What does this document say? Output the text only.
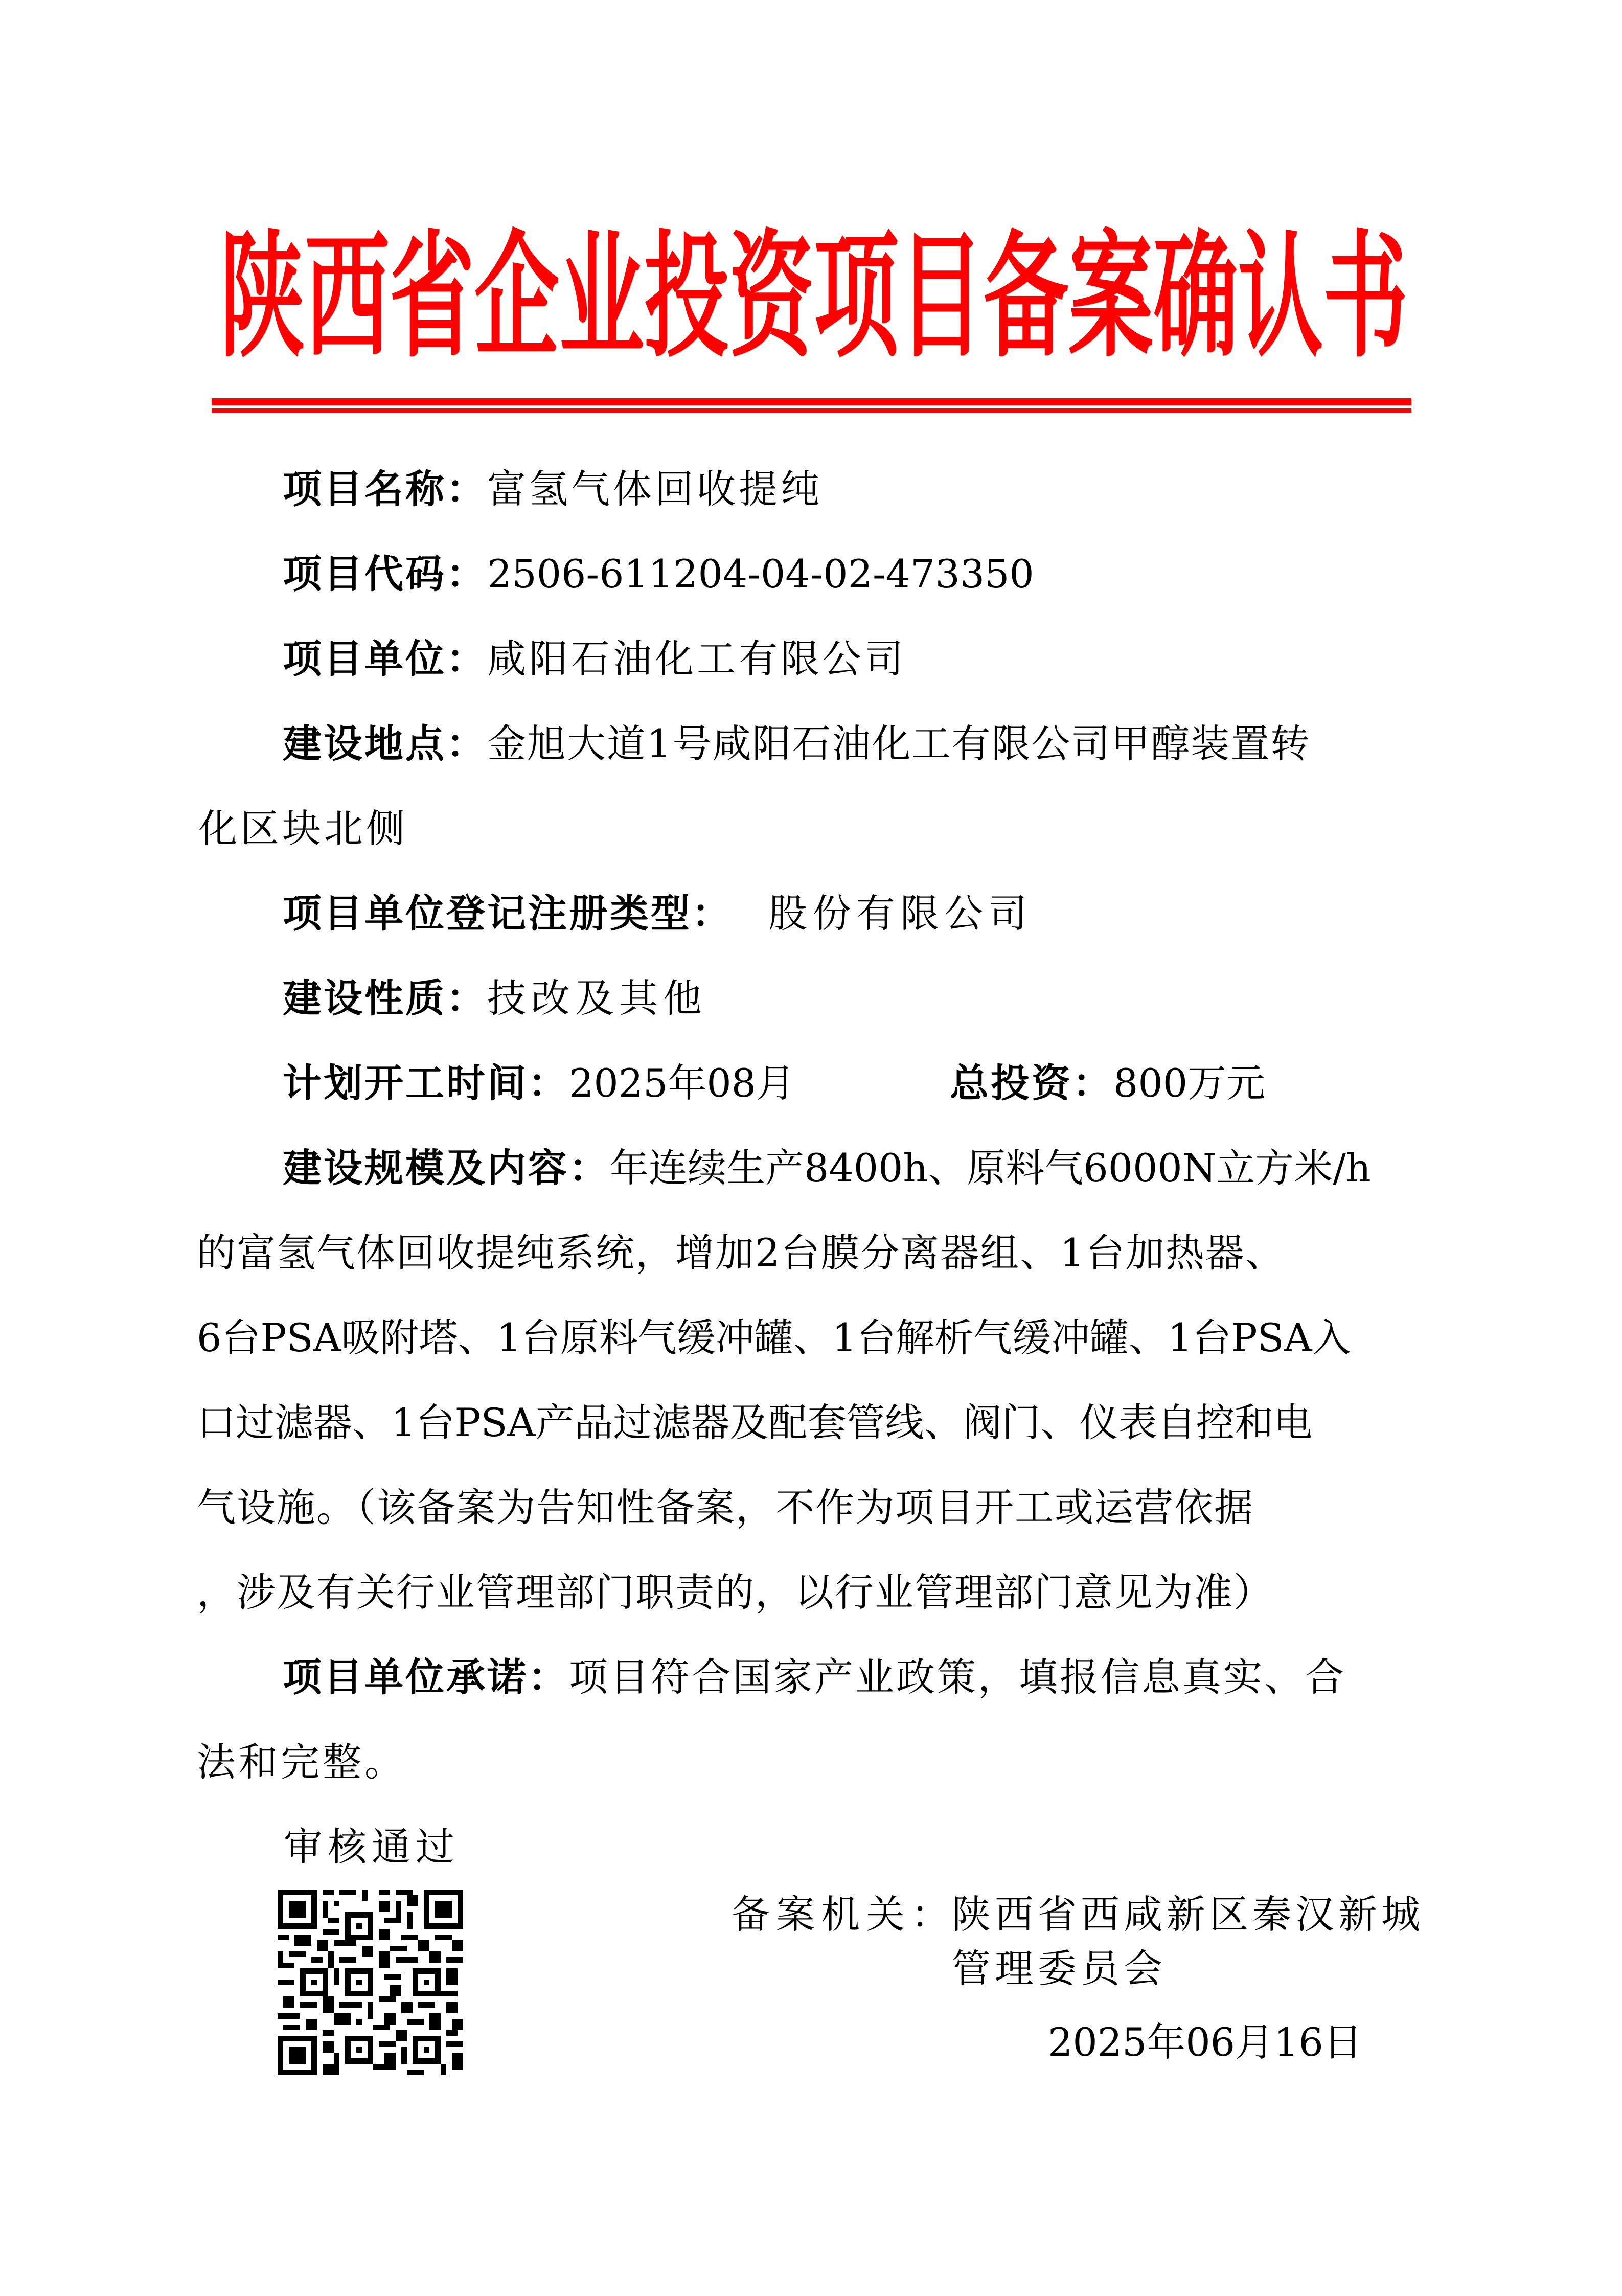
陕西省企业投资项目备案确认书
项目名称：富氢气体回收提纯
项目代码：2506-611204-04-02-473350
项目单位：咸阳石油化工有限公司
建设地点：金旭大道1号咸阳石油化工有限公司甲醇装置转
化区块北侧
项目单位登记注册类型： 股份有限公司
建设性质：技改及其他
计划开工时间：2025年08月	总投资：800万元
建设规模及内容：年连续生产8400h、原料气6000N立方米/h
的富氢气体回收提纯系统，增加2台膜分离器组、1台加热器、
6台PSA吸附塔、1台原料气缓冲罐、1台解析气缓冲罐、1台PSA入
口过滤器、1台PSA产品过滤器及配套管线、阀门、仪表自控和电
气设施。（该备案为告知性备案，不作为项目开工或运营依据
，涉及有关行业管理部门职责的，以行业管理部门意见为准）
项目单位承诺：项目符合国家产业政策，填报信息真实、合
法和完整。
审核通过
备案机关：
陕西省西咸新区秦汉新城
管理委员会
2025年06月16日
